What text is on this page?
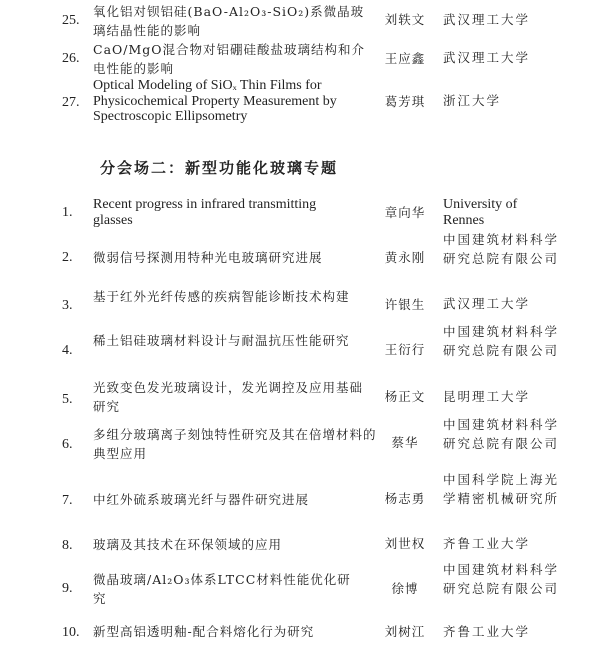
25.
氧化铝对钡铝硅(BaO-Al₂O₃-SiO₂)系微晶玻璃结晶性能的影响
刘轶文	武汉理工大学
26.
CaO/MgO混合物对铝硼硅酸盐玻璃结构和介电性能的影响
王应鑫	武汉理工大学
27.
Optical Modeling of SiOₓ Thin Films for Physicochemical Property Measurement by Spectroscopic Ellipsometry
葛芳琪	浙江大学
分会场二：新型功能化玻璃专题
1.
Recent progress in infrared transmitting glasses	章向华
University of Rennes
2. 微弱信号探测用特种光电玻璃研究进展	黄永刚
中国建筑材料科学研究总院有限公司
3.
基于红外光纤传感的疾病智能诊断技术构建
许银生	武汉理工大学
4.
稀土铝硅玻璃材料设计与耐温抗压性能研究
王衍行
中国建筑材料科学研究总院有限公司
5.
光致变色发光玻璃设计，发光调控及应用基础研究
杨正文	昆明理工大学
6.
多组分玻璃离子刻蚀特性研究及其在倍增材料的典型应用
蔡华
中国建筑材料科学研究总院有限公司
7. 中红外硫系玻璃光纤与器件研究进展	杨志勇
中国科学院上海光学精密机械研究所
8. 玻璃及其技术在环保领域的应用	刘世权	齐鲁工业大学
9.
微晶玻璃/Al₂O₃体系LTCC材料性能优化研究
徐博
中国建筑材料科学研究总院有限公司
10. 新型高铝透明釉-配合料熔化行为研究	刘树江	齐鲁工业大学
